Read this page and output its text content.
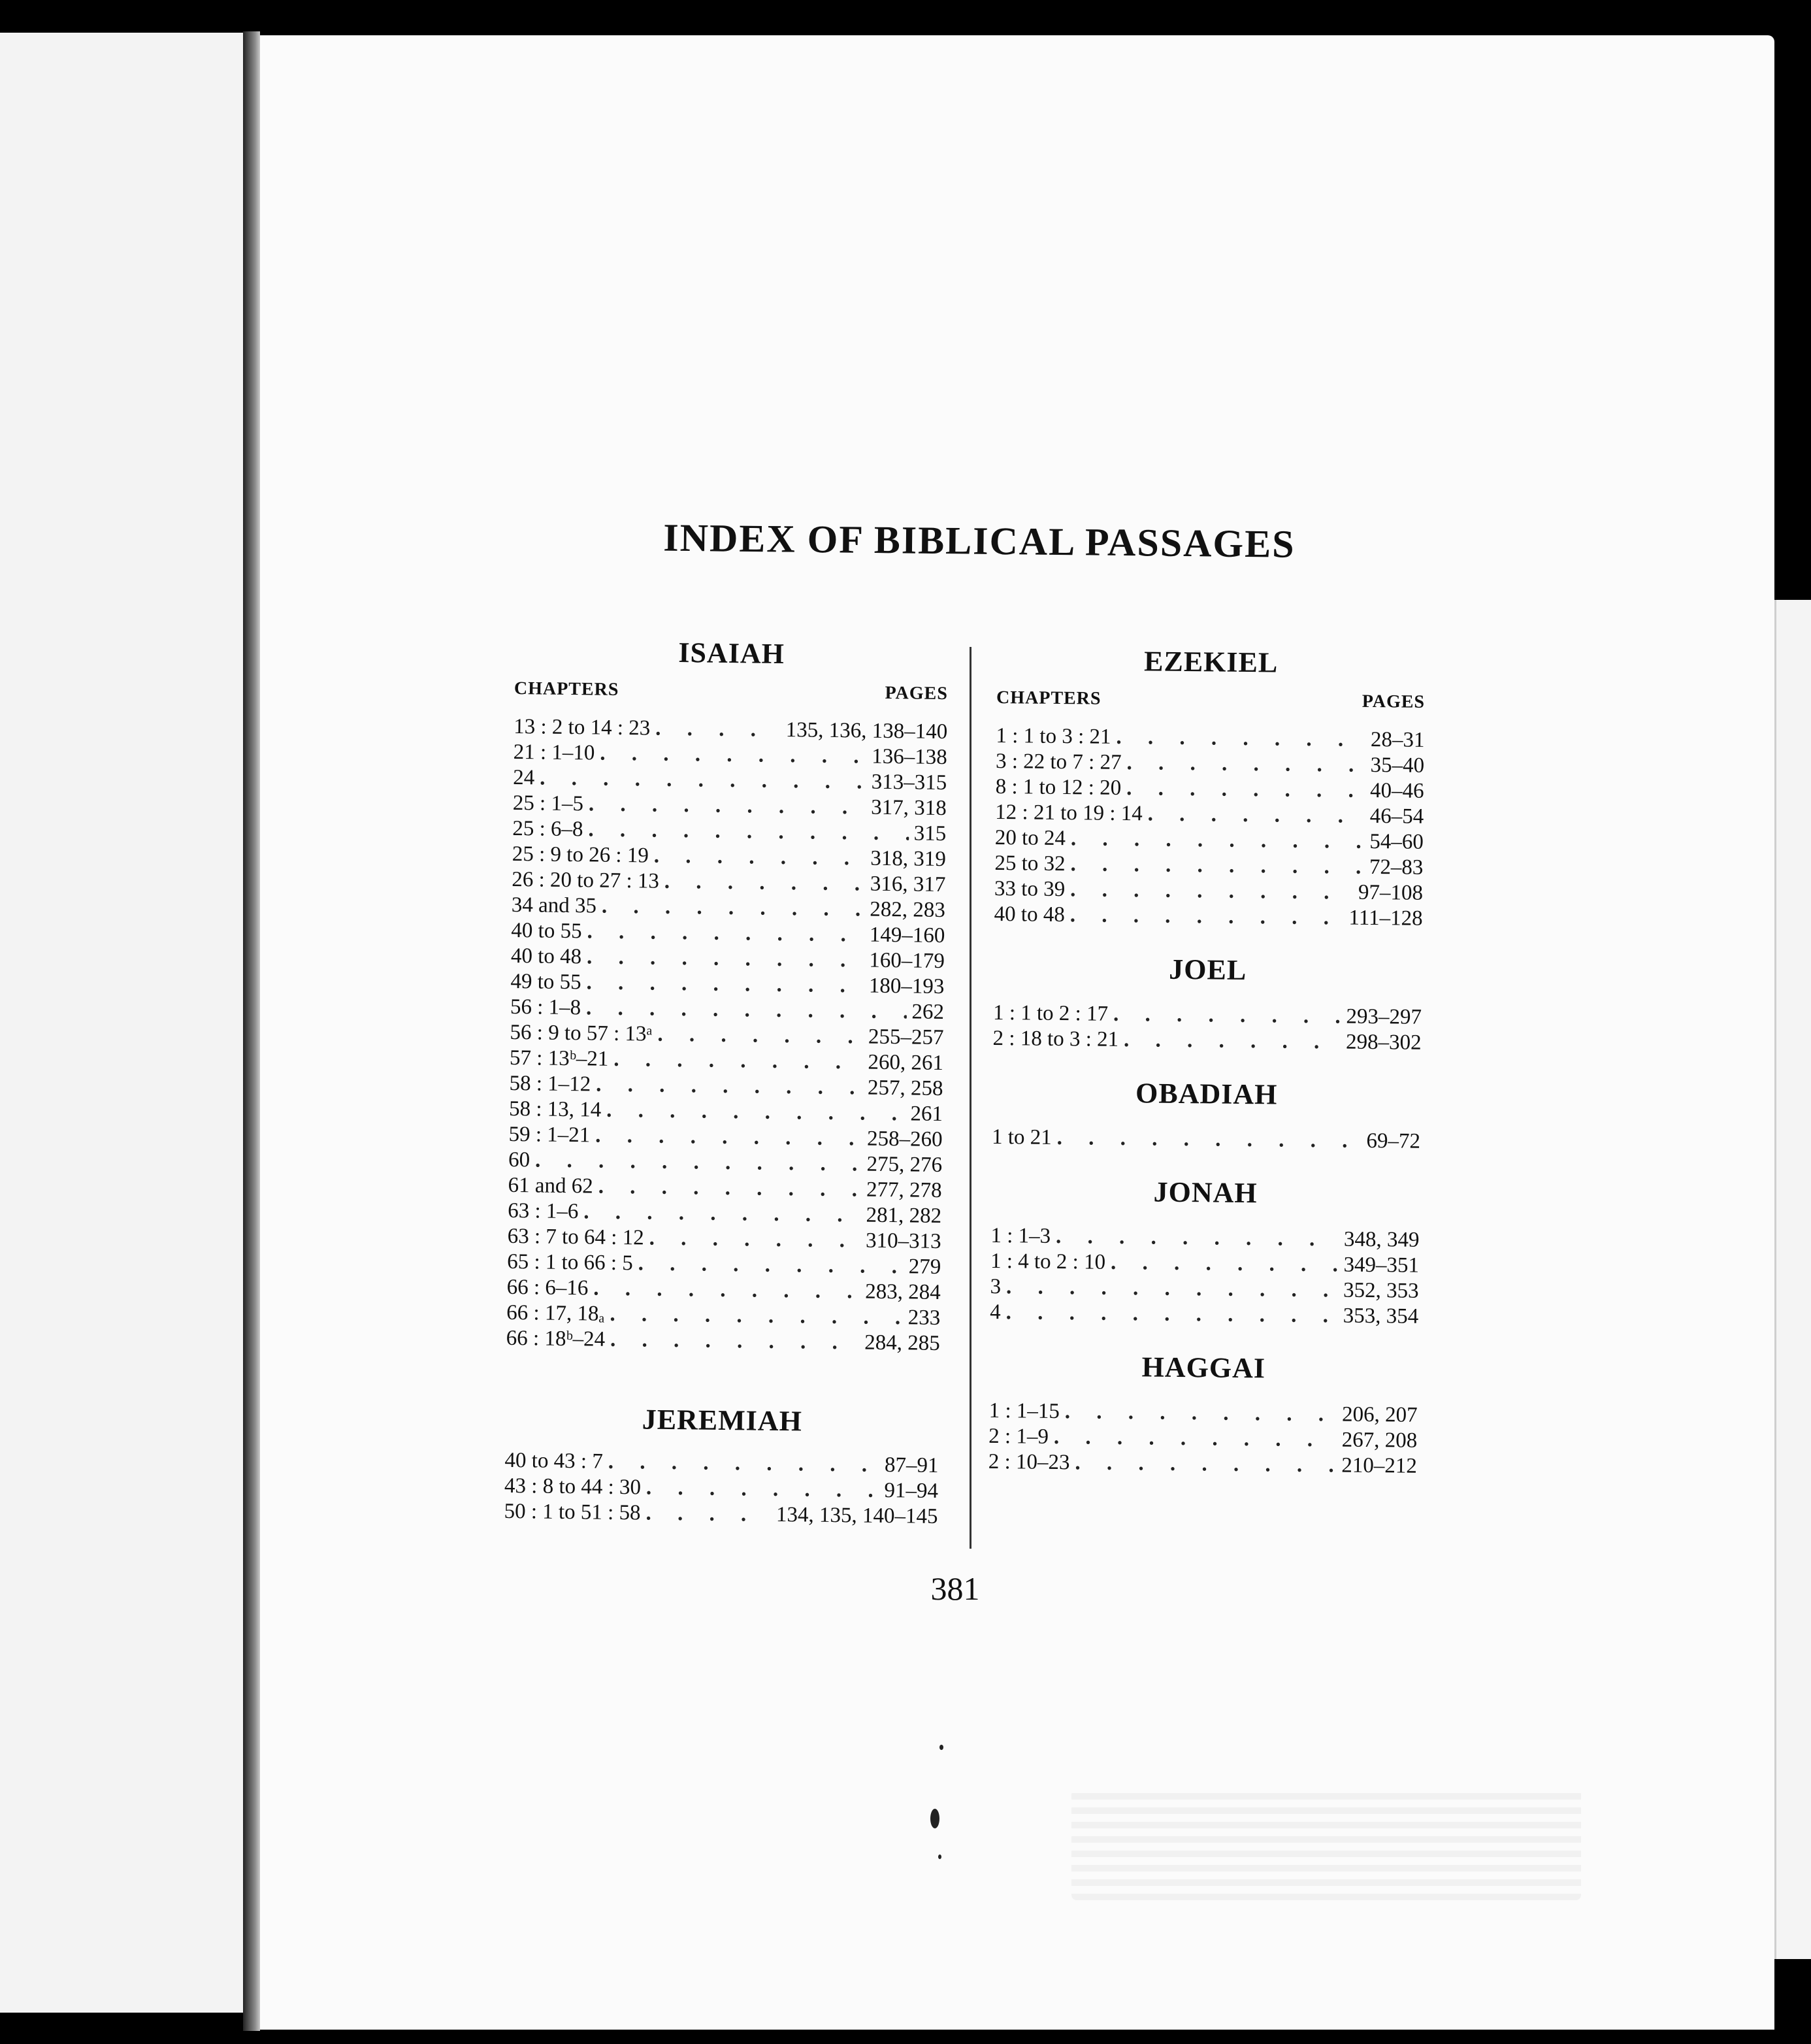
INDEX OF BIBLICAL PASSAGES
ISAIAH
CHAPTERS	PAGES
13 : 2 to 14 : 23 . . .	135, 136, 138–140
21 : 1–10 . . .	136–138
24 . . .	313–315
25 : 1–5 . . .	317, 318
25 : 6–8 . . .	315
25 : 9 to 26 : 19 . . .	318, 319
26 : 20 to 27 : 13 . . .	316, 317
34 and 35 . . .	282, 283
40 to 55 . . .	149–160
40 to 48 . . .	160–179
49 to 55 . . .	180–193
56 : 1–8 . . .	262
56 : 9 to 57 : 13ᵃ . . .	255–257
57 : 13ᵇ–21 . . .	260, 261
58 : 1–12 . . .	257, 258
58 : 13, 14 . . .	261
59 : 1–21 . . .	258–260
60 . . .	275, 276
61 and 62 . . .	277, 278
63 : 1–6 . . .	281, 282
63 : 7 to 64 : 12 . . .	310–313
65 : 1 to 66 : 5 . . .	279
66 : 6–16 . . .	283, 284
66 : 17, 18ₐ . . .	233
66 : 18ᵇ–24 . . .	284, 285
JEREMIAH
40 to 43 : 7 . . .	87–91
43 : 8 to 44 : 30 . . .	91–94
50 : 1 to 51 : 58 . . .	134, 135, 140–145
EZEKIEL
CHAPTERS	PAGES
1 : 1 to 3 : 21 . . .	28–31
3 : 22 to 7 : 27 . . .	35–40
8 : 1 to 12 : 20 . . .	40–46
12 : 21 to 19 : 14 . . .	46–54
20 to 24 . . .	54–60
25 to 32 . . .	72–83
33 to 39 . . .	97–108
40 to 48 . . .	111–128
JOEL
1 : 1 to 2 : 17 . . .	293–297
2 : 18 to 3 : 21 . . .	298–302
OBADIAH
1 to 21 . . .	69–72
JONAH
1 : 1–3 . . .	348, 349
1 : 4 to 2 : 10 . . .	349–351
3 . . .	352, 353
4 . . .	353, 354
HAGGAI
1 : 1–15 . . .	206, 207
2 : 1–9 . . .	267, 208
2 : 10–23 . . .	210–212
381
